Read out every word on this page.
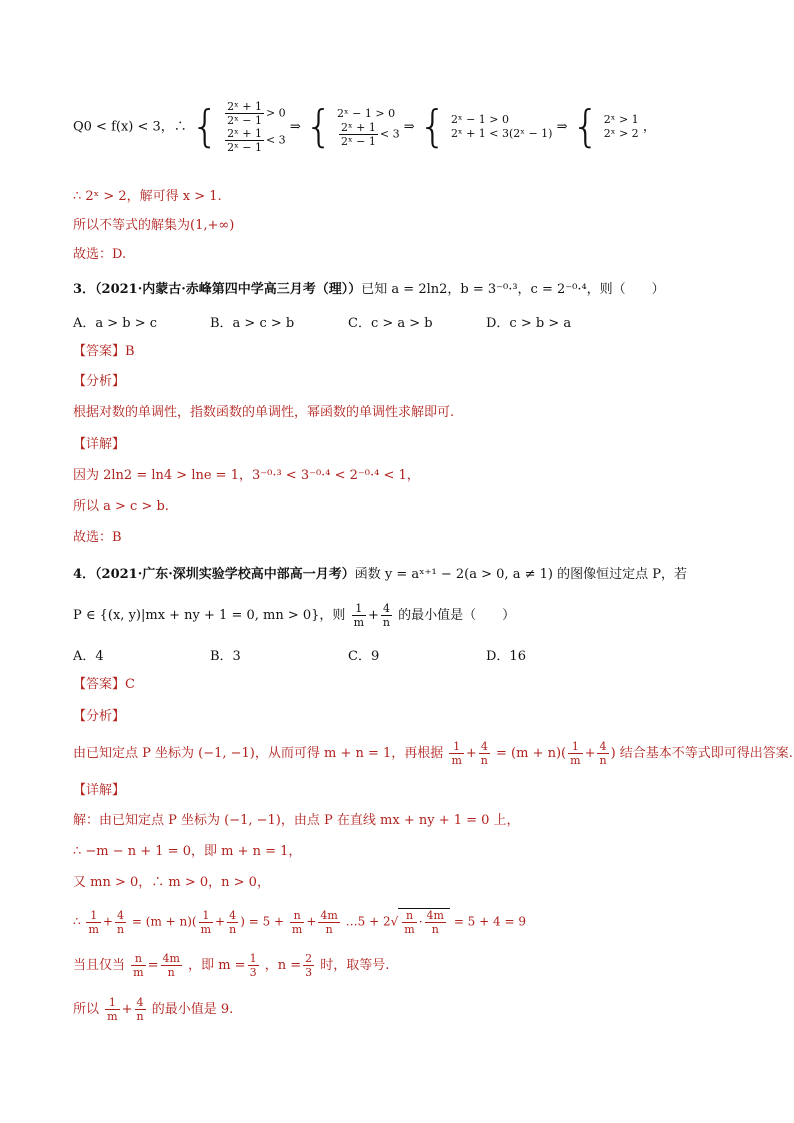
Q0 < f(x) < 3，∴ { $\frac{\text{2ˣ + 1}}{\text{2ˣ − 1}} > 0$
$\frac{\text{2ˣ + 1}}{\text{2ˣ − 1}} < 3$
⇒ { 2ˣ − 1 > 0
$\frac{\text{2ˣ + 1}}{\text{2ˣ − 1}} < 3$ ⇒ { 2ˣ − 1 > 0
2ˣ + 1 < 3(2ˣ − 1) ⇒ { 2ˣ > 1
2ˣ > 2 ，
∴ 2ˣ > 2，解可得 x > 1.
所以不等式的解集为(1,+∞)
故选：D.
3．（2021·内蒙古·赤峰第四中学高三月考（理））已知 a = 2ln2，b = 3⁻⁰·³，c = 2⁻⁰·⁴，则（　　）
A．a > b > c	B．a > c > b	C．c > a > b	D．c > b > a
【答案】B
【分析】
根据对数的单调性，指数函数的单调性，幂函数的单调性求解即可.
【详解】
因为 2ln2 = ln4 > lne = 1，3⁻⁰·³ < 3⁻⁰·⁴ < 2⁻⁰·⁴ < 1，
所以 a > c > b.
故选：B
4．（2021·广东·深圳实验学校高中部高一月考）函数 y = aˣ⁺¹ − 2(a > 0, a ≠ 1) 的图像恒过定点 P，若
P ∈ {(x, y)|mx + ny + 1 = 0, mn > 0}，则 $\frac{1}{m} + \frac{4}{n}$ 的最小值是（　　）
A．4	B．3	C．9	D．16
【答案】C
【分析】
由已知定点 P 坐标为 (−1, −1)，从而可得 m + n = 1，再根据 $\frac{1}{m} + \frac{4}{n} = (m + n)( \frac{1}{m} + \frac{4}{n}$ ) 结合基本不等式即可得出答案.
【详解】
解：由已知定点 P 坐标为 (−1, −1)，由点 P 在直线 mx + ny + 1 = 0 上，
∴ −m − n + 1 = 0，即 m + n = 1，
又 mn > 0，∴ m > 0，n > 0，
∴ $\frac{1}{m} + \frac{4}{n} = (m + n)( \frac{1}{m} + \frac{4}{n}$ ) = $5 + \frac{n}{m} + \frac{4m}{n}$ …5 + $2√ \frac{n}{m} \cdot \frac{4m}{n} = 5 + 4 = 9$
当且仅当 $\frac{n}{m} = \frac{4m}{n}$ ，即 $m = \frac{1}{3}$ ，$n = \frac{2}{3}$ 时，取等号.
所以 $\frac{1}{m} + \frac{4}{n}$ 的最小值是 9.
